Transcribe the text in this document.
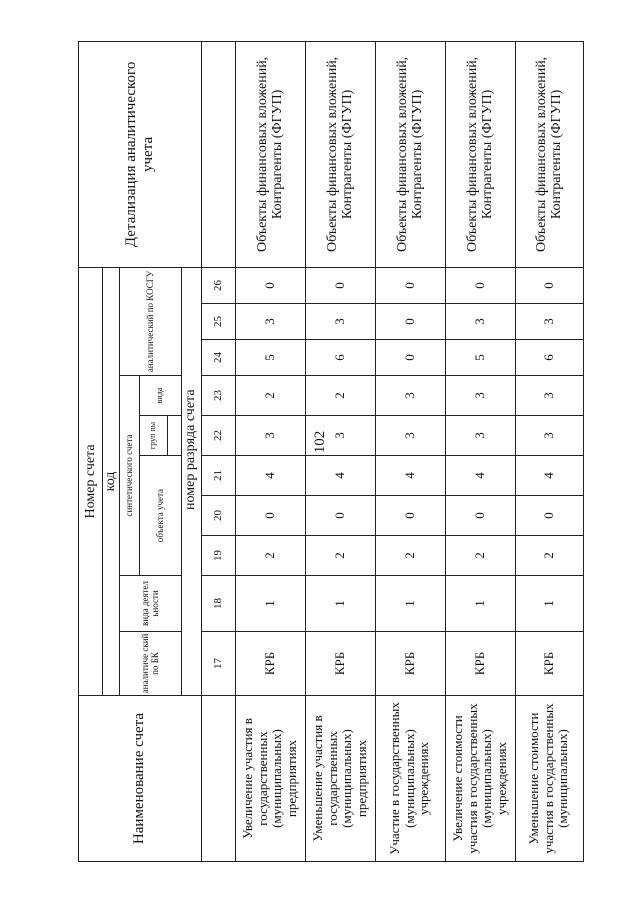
102
Наименование счета	Номер счета										Детализация аналитического учета
	код										
	аналитиче ский по БК	вида деятел ьности	синтетического счета					аналитический по КОСГУ			
			объекта учета			груп пы	вида				

		номер разряда счета									
	17	18	19	20	21	22	23	24	25	26	
Увеличение участия в государственных (муниципальных) предприятиях	КРБ	1	2	0	4	3	2	5	3	0	Объекты финансовых вложений, Контрагенты (ФГУП)
Уменьшение участия в государственных (муниципальных) предприятиях	КРБ	1	2	0	4	3	2	6	3	0	Объекты финансовых вложений, Контрагенты (ФГУП)
Участие в государственных (муниципальных) учреждениях	КРБ	1	2	0	4	3	3	0	0	0	Объекты финансовых вложений, Контрагенты (ФГУП)
Увеличение стоимости участия в государственных (муниципальных) учреждениях	КРБ	1	2	0	4	3	3	5	3	0	Объекты финансовых вложений, Контрагенты (ФГУП)
Уменьшение стоимости участия в государственных (муниципальных)	КРБ	1	2	0	4	3	3	6	3	0	Объекты финансовых вложений, Контрагенты (ФГУП)
